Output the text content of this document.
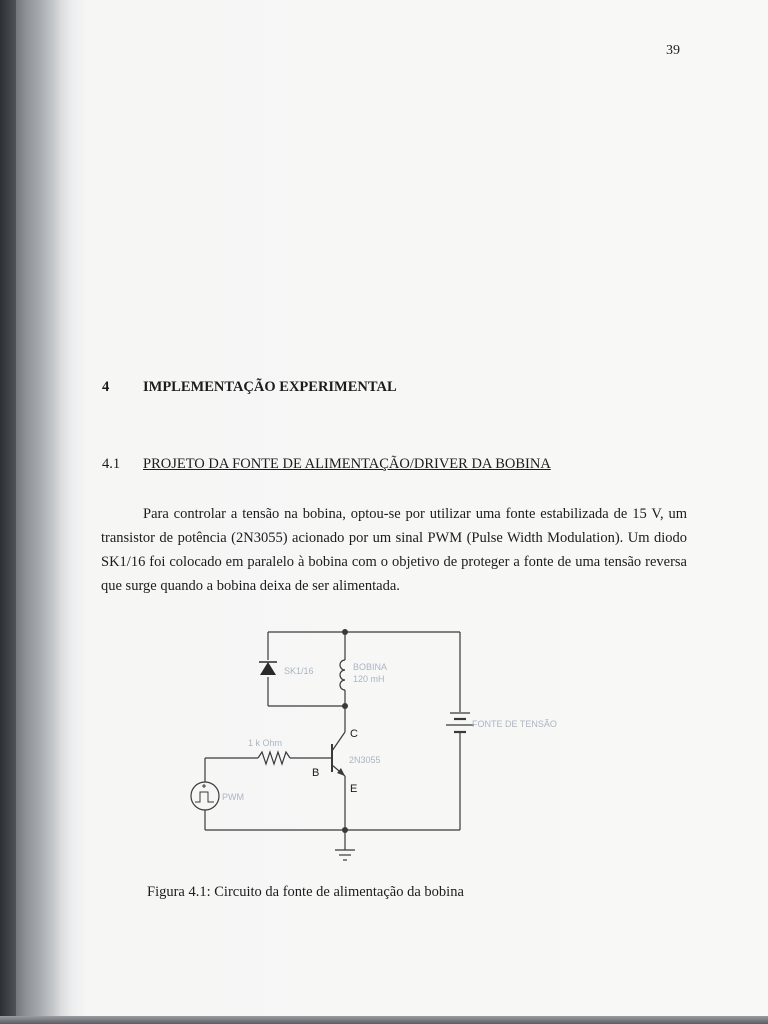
39
4 IMPLEMENTAÇÃO EXPERIMENTAL
4.1 PROJETO DA FONTE DE ALIMENTAÇÃO/DRIVER DA BOBINA

Para controlar a tensão na bobina, optou-se por utilizar uma fonte estabilizada de 15 V, um transistor de potência (2N3055) acionado por um sinal PWM (Pulse Width Modulation). Um diodo SK1/16 foi colocado em paralelo à bobina com o objetivo de proteger a fonte de uma tensão reversa que surge quando a bobina deixa de ser alimentada.

SK1/16	BOBINA
120 mH
FONTE DE TENSÃO
1 k Ohm
2N3055
C
B
E
PWM
Figura 4.1: Circuito da fonte de alimentação da bobina
